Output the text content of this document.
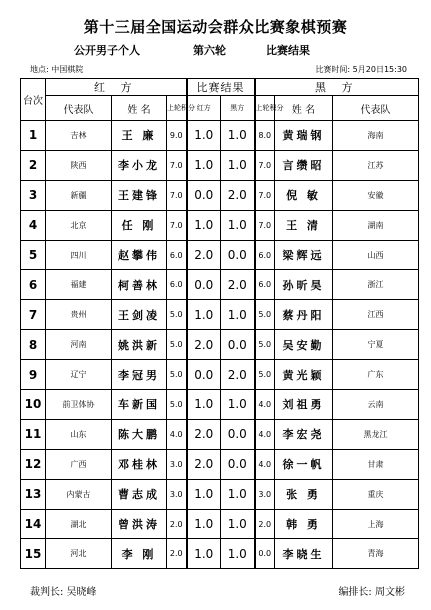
第十三届全国运动会群众比赛象棋预赛
公开男子个人	第六轮	比赛结果
地点: 中国棋院	比赛时间: 5月20日15:30
台次	红 方			比赛结果		黑 方		
	代表队	姓 名	上轮积分	红方	黑方	上轮积分	姓 名	代表队
1	吉林	王 廉	9.0	1.0	1.0	8.0	黄瑞钢	海南
2	陕西	李小龙	7.0	1.0	1.0	7.0	言缵昭	江苏
3	新疆	王建锋	7.0	0.0	2.0	7.0	倪 敏	安徽
4	北京	任 刚	7.0	1.0	1.0	7.0	王 清	湖南
5	四川	赵攀伟	6.0	2.0	0.0	6.0	梁辉远	山西
6	福建	柯善林	6.0	0.0	2.0	6.0	孙昕昊	浙江
7	贵州	王剑凌	5.0	1.0	1.0	5.0	蔡丹阳	江西
8	河南	姚洪新	5.0	2.0	0.0	5.0	吴安勤	宁夏
9	辽宁	李冠男	5.0	0.0	2.0	5.0	黄光颖	广东
10	前卫体协	车新国	5.0	1.0	1.0	4.0	刘祖勇	云南
11	山东	陈大鹏	4.0	2.0	0.0	4.0	李宏尧	黑龙江
12	广西	邓桂林	3.0	2.0	0.0	4.0	徐一帆	甘肃
13	内蒙古	曹志成	3.0	1.0	1.0	3.0	张 勇	重庆
14	湖北	曾洪涛	2.0	1.0	1.0	2.0	韩 勇	上海
15	河北	李 刚	2.0	1.0	1.0	0.0	李晓生	青海
裁判长: 吴晓峰	编排长: 周文彬
